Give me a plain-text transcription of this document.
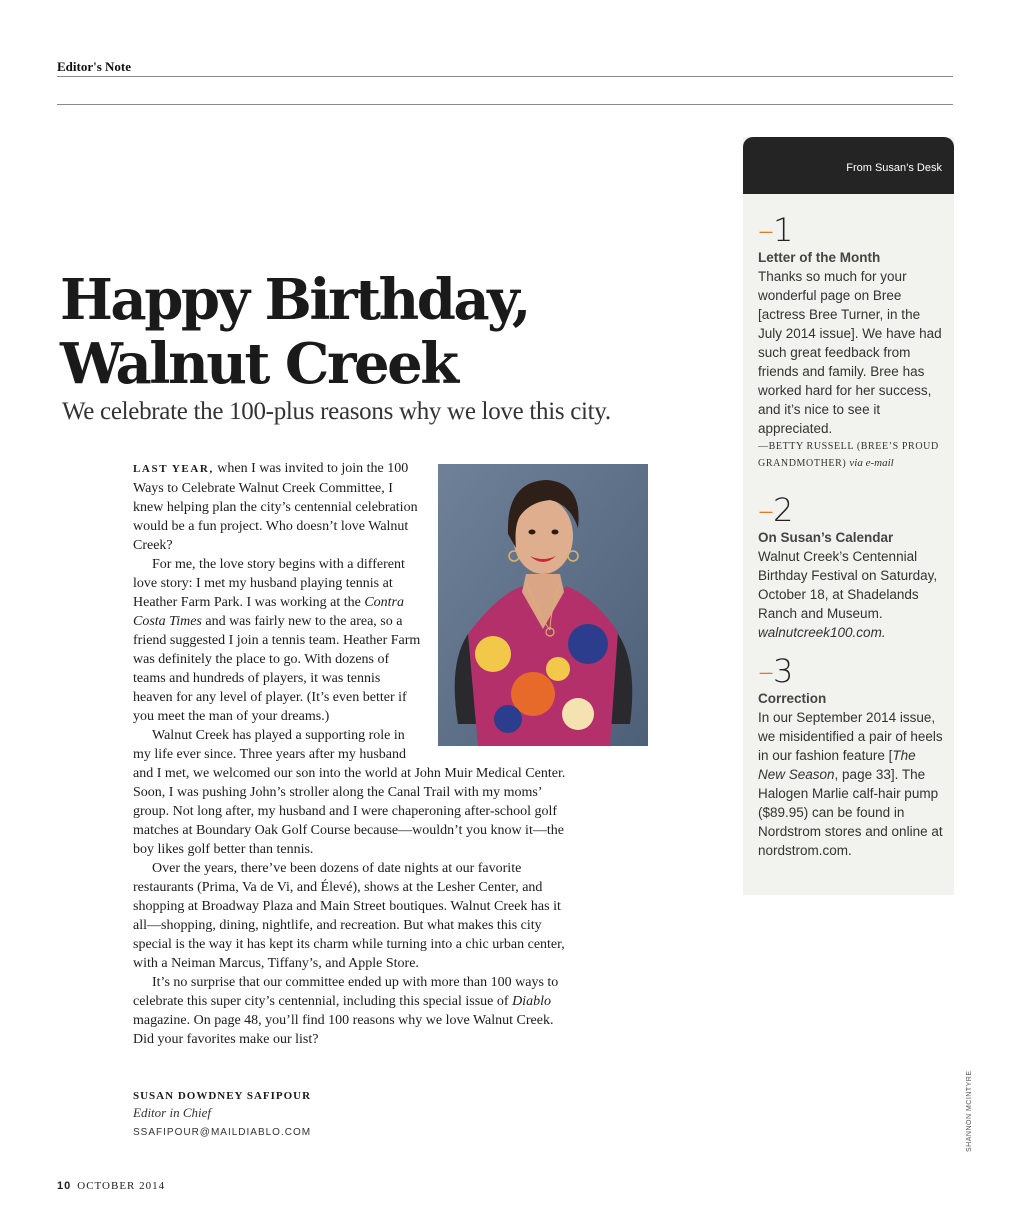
Editor's Note
Happy Birthday,
Walnut Creek
We celebrate the 100-plus reasons why we love this city.

LAST YEAR, when I was invited to join the 100 Ways to Celebrate Walnut Creek Committee, I knew helping plan the city’s centennial celebration would be a fun project. Who doesn’t love Walnut Creek?

For me, the love story begins with a different love story: I met my husband playing tennis at Heather Farm Park. I was working at the Contra Costa Times and was fairly new to the area, so a friend suggested I join a tennis team. Heather Farm was definitely the place to go. With dozens of teams and hundreds of players, it was tennis heaven for any level of player. (It’s even better if you meet the man of your dreams.)

Walnut Creek has played a supporting role in my life ever since. Three years after my husband and I met, we welcomed our son into the world at John Muir Medical Center. Soon, I was pushing John’s stroller along the Canal Trail with my moms’ group. Not long after, my husband and I were chaperoning after-school golf matches at Boundary Oak Golf Course because—wouldn’t you know it—the boy likes golf better than tennis.

Over the years, there’ve been dozens of date nights at our favorite restaurants (Prima, Va de Vi, and Élevé), shows at the Lesher Center, and shopping at Broadway Plaza and Main Street boutiques. Walnut Creek has it all—shopping, dining, nightlife, and recreation. But what makes this city special is the way it has kept its charm while turning into a chic urban center, with a Neiman Marcus, Tiffany’s, and Apple Store.

It’s no surprise that our committee ended up with more than 100 ways to celebrate this super city’s centennial, including this special issue of Diablo magazine. On page 48, you’ll find 100 reasons why we love Walnut Creek. Did your favorites make our list?

SUSAN DOWDNEY SAFIPOUR
Editor in Chief
SSAFIPOUR@MAILDIABLO.COM
From Susan’s Desk
–1
Letter of the Month
Thanks so much for your wonderful page on Bree [actress Bree Turner, in the July 2014 issue]. We have had such great feedback from friends and family. Bree has worked hard for her success, and it’s nice to see it appreciated.
—BETTY RUSSELL (BREE’S PROUD GRANDMOTHER) via e-mail
–2
On Susan’s Calendar
Walnut Creek’s Centennial Birthday Festival on Saturday, October 18, at Shadelands Ranch and Museum. walnutcreek100.com.
–3
Correction
In our September 2014 issue, we misidentified a pair of heels in our fashion feature [The New Season, page 33]. The Halogen Marlie calf-hair pump ($89.95) can be found in Nordstrom stores and online at nordstrom.com.
10 OCTOBER 2014
SHANNON MCINTYRE
